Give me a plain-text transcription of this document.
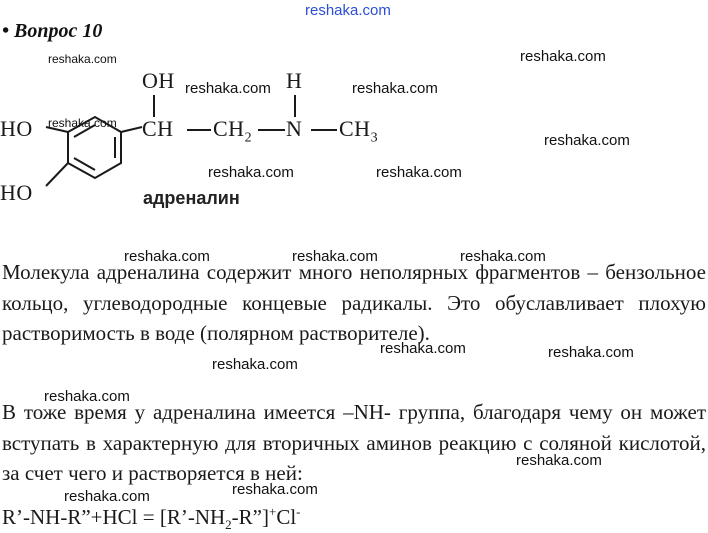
reshaka.com
reshaka.com	reshaka.com
reshaka.com	reshaka.com
reshaka.com
reshaka.com
reshaka.com	reshaka.com
reshaka.com	reshaka.com	reshaka.com
reshaka.com	reshaka.com
reshaka.com
reshaka.com
reshaka.com
reshaka.com
reshaka.com
• Вопрос 10
OH	H
CH $CH_2$ N $CH_3$
HO
HO	адреналин

Молекула адреналина содержит много неполярных фрагментов – бензольное кольцо, углеводородные концевые радикалы. Это обуславливает плохую растворимость в воде (полярном растворителе).

В тоже время у адреналина имеется –NH- группа, благодаря чему он может вступать в характерную для вторичных аминов реакцию с соляной кислотой, за счет чего и растворяется в ней:

R’-NH-R”+HCl = $[R’-NH_2-R”]^+Cl^-$
